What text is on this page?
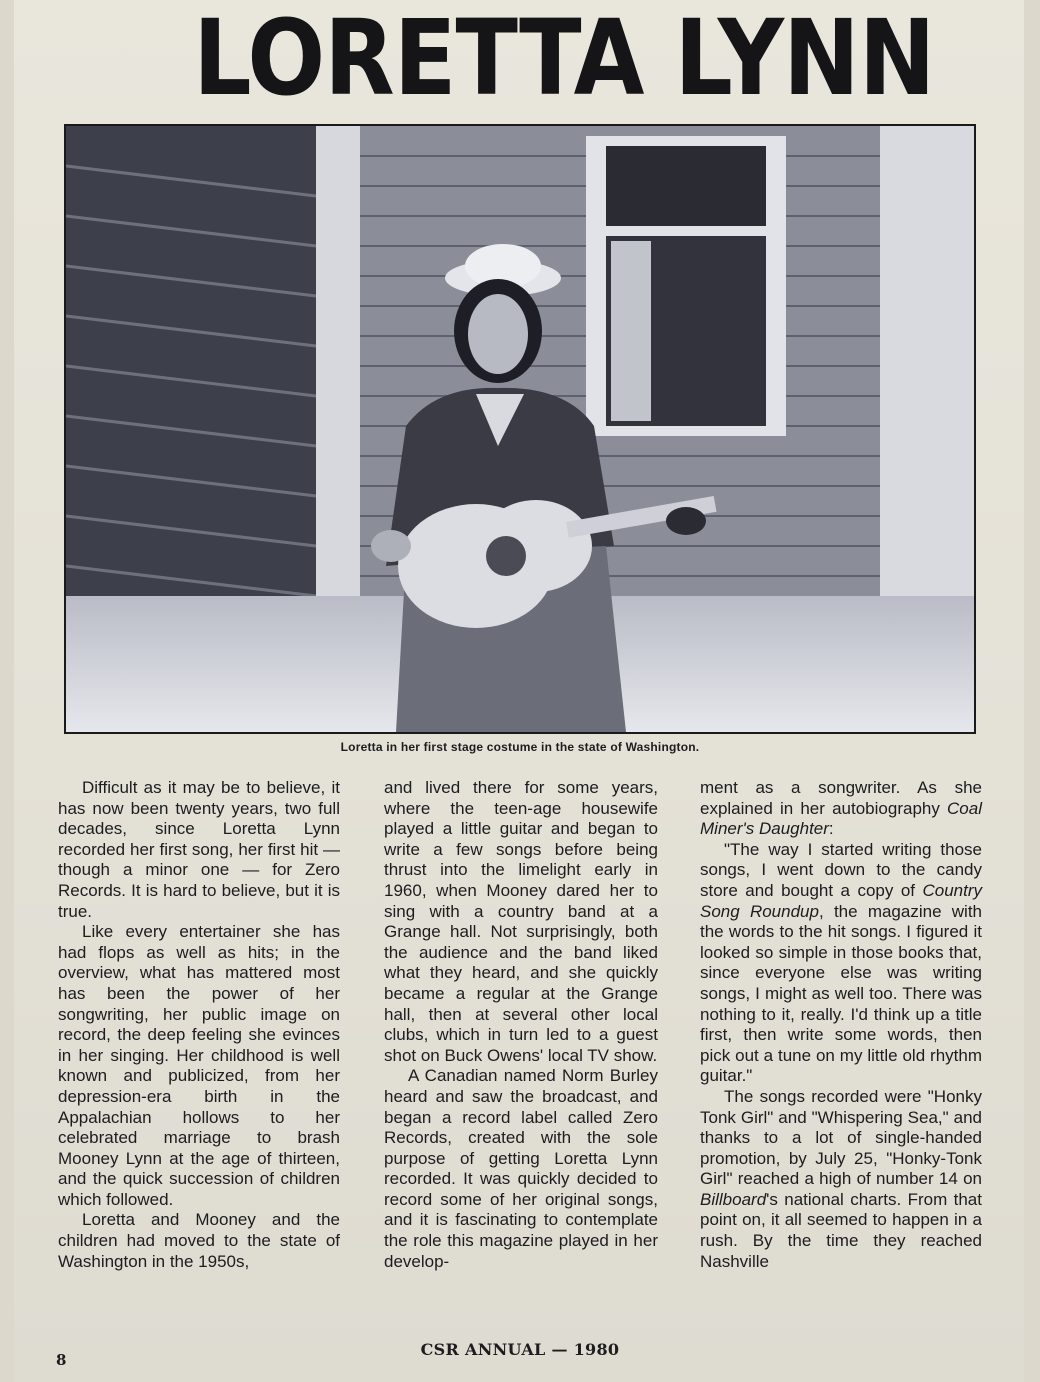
LORETTA LYNN
Loretta in her first stage costume in the state of Washington.

Difficult as it may be to believe, it has now been twenty years, two full decades, since Loretta Lynn recorded her first song, her first hit — though a minor one — for Zero Records. It is hard to believe, but it is true.

Like every entertainer she has had flops as well as hits; in the overview, what has mattered most has been the power of her songwriting, her public image on record, the deep feeling she evinces in her singing. Her childhood is well known and publicized, from her depression-era birth in the Appalachian hollows to her celebrated marriage to brash Mooney Lynn at the age of thirteen, and the quick succession of children which followed.

Loretta and Mooney and the children had moved to the state of Washington in the 1950s,

and lived there for some years, where the teen-age housewife played a little guitar and began to write a few songs before being thrust into the limelight early in 1960, when Mooney dared her to sing with a country band at a Grange hall. Not surprisingly, both the audience and the band liked what they heard, and she quickly became a regular at the Grange hall, then at several other local clubs, which in turn led to a guest shot on Buck Owens' local TV show.

A Canadian named Norm Burley heard and saw the broadcast, and began a record label called Zero Records, created with the sole purpose of getting Loretta Lynn recorded. It was quickly decided to record some of her original songs, and it is fascinating to contemplate the role this magazine played in her develop-

ment as a songwriter. As she explained in her autobiography Coal Miner's Daughter:

"The way I started writing those songs, I went down to the candy store and bought a copy of Country Song Roundup, the magazine with the words to the hit songs. I figured it looked so simple in those books that, since everyone else was writing songs, I might as well too. There was nothing to it, really. I'd think up a title first, then write some words, then pick out a tune on my little old rhythm guitar."

The songs recorded were "Honky Tonk Girl" and "Whispering Sea," and thanks to a lot of single-handed promotion, by July 25, "Honky-Tonk Girl" reached a high of number 14 on Billboard's national charts. From that point on, it all seemed to happen in a rush. By the time they reached Nashville

8
CSR ANNUAL — 1980
